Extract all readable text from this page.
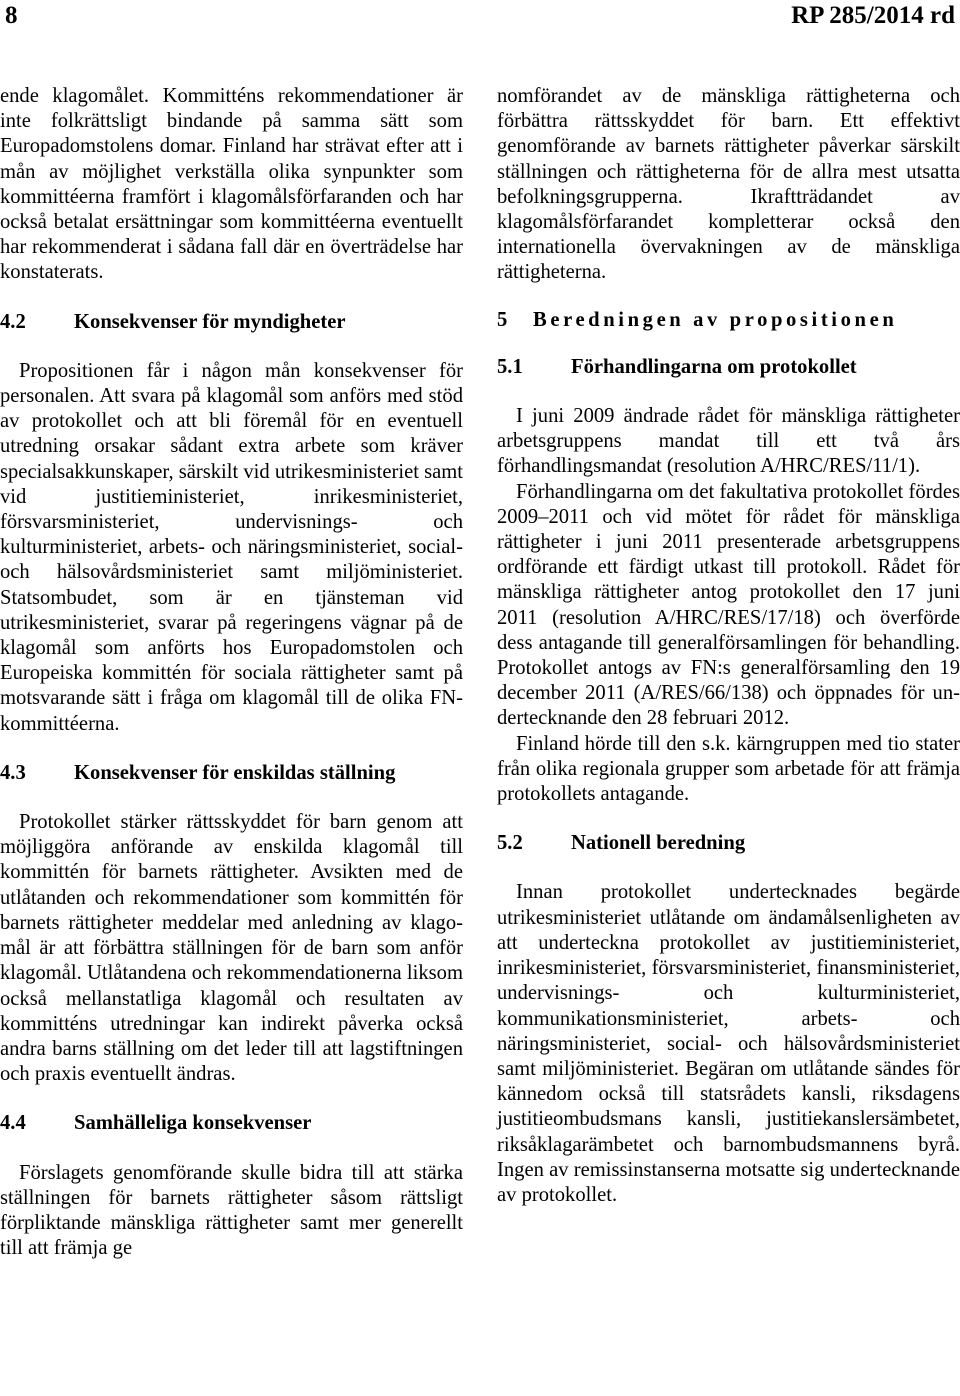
8	RP 285/2014 rd

ende klagomålet. Kommitténs rekommendationer är inte folkrättsligt bindande på samma sätt som Europadomstolens domar. Finland har strävat efter att i mån av möjlighet verkställa olika synpunkter som kommittéerna framfört i klagomålsförfaranden och har också betalat ersättningar som kommittéerna eventuellt har rekommenderat i sådana fall där en överträdelse har konstaterats.

4.2	Konsekvenser för myndigheter

Propositionen får i någon mån konsekvenser för personalen. Att svara på klagomål som anförs med stöd av protokollet och att bli föremål för en eventuell utredning orsakar sådant extra arbete som kräver specialsakkunskaper, särskilt vid utrikesministeriet samt vid justitieministeriet, inrikesministeriet, försvarsministeriet, undervisnings- och kulturministeriet, arbets- och näringsministeriet, social- och hälsovårdsministeriet samt miljöministeriet. Statsombudet, som är en tjänsteman vid utrikesministeriet, svarar på regeringens vägnar på de klagomål som anförts hos Europadomstolen och Europeiska kommittén för sociala rättigheter samt på motsvarande sätt i fråga om klagomål till de olika FN-kommittéerna.

4.3	Konsekvenser för enskildas ställning

Protokollet stärker rättsskyddet för barn genom att möjliggöra anförande av enskilda klagomål till kommittén för barnets rättigheter. Avsikten med de utlåtanden och rekommendationer som kommittén för barnets rättigheter meddelar med anledning av klagomål är att förbättra ställningen för de barn som anför klagomål. Utlåtandena och rekommendationerna liksom också mellanstatliga klagomål och resultaten av kommitténs utredningar kan indirekt påverka också andra barns ställning om det leder till att lagstiftningen och praxis eventuellt ändras.

4.4	Samhälleliga konsekvenser

Förslagets genomförande skulle bidra till att stärka ställningen för barnets rättigheter såsom rättsligt förpliktande mänskliga rättigheter samt mer generellt till att främja ge

nomförandet av de mänskliga rättigheterna och förbättra rättsskyddet för barn. Ett effektivt genomförande av barnets rättigheter påverkar särskilt ställningen och rättigheterna för de allra mest utsatta befolkningsgrupperna. Ikraftträdandet av klagomålsförfarandet kompletterar också den internationella övervakningen av de mänskliga rättigheterna.

5	Beredningen av propositionen
5.1	Förhandlingarna om protokollet

I juni 2009 ändrade rådet för mänskliga rättigheter arbetsgruppens mandat till ett två års förhandlingsmandat (resolution A/HRC/RES/11/1).

Förhandlingarna om det fakultativa protokollet fördes 2009–2011 och vid mötet för rådet för mänskliga rättigheter i juni 2011 presenterade arbetsgruppens ordförande ett färdigt utkast till protokoll. Rådet för mänskliga rättigheter antog protokollet den 17 juni 2011 (resolution A/HRC/RES/17/18) och överförde dess antagande till generalförsamlingen för behandling. Protokollet antogs av FN:s generalförsamling den 19 december 2011 (A/RES/66/138) och öppnades för undertecknande den 28 februari 2012.

Finland hörde till den s.k. kärngruppen med tio stater från olika regionala grupper som arbetade för att främja protokollets antagande.

5.2	Nationell beredning

Innan protokollet undertecknades begärde utrikesministeriet utlåtande om ändamålsenligheten av att underteckna protokollet av justitieministeriet, inrikesministeriet, försvarsministeriet, finansministeriet, undervisnings- och kulturministeriet, kommunikationsministeriet, arbets- och näringsministeriet, social- och hälsovårdsministeriet samt miljöministeriet. Begäran om utlåtande sändes för kännedom också till statsrådets kansli, riksdagens justitieombudsmans kansli, justitiekanslersämbetet, riksåklagarämbetet och barnombudsmannens byrå. Ingen av remissinstanserna motsatte sig undertecknande av protokollet.
